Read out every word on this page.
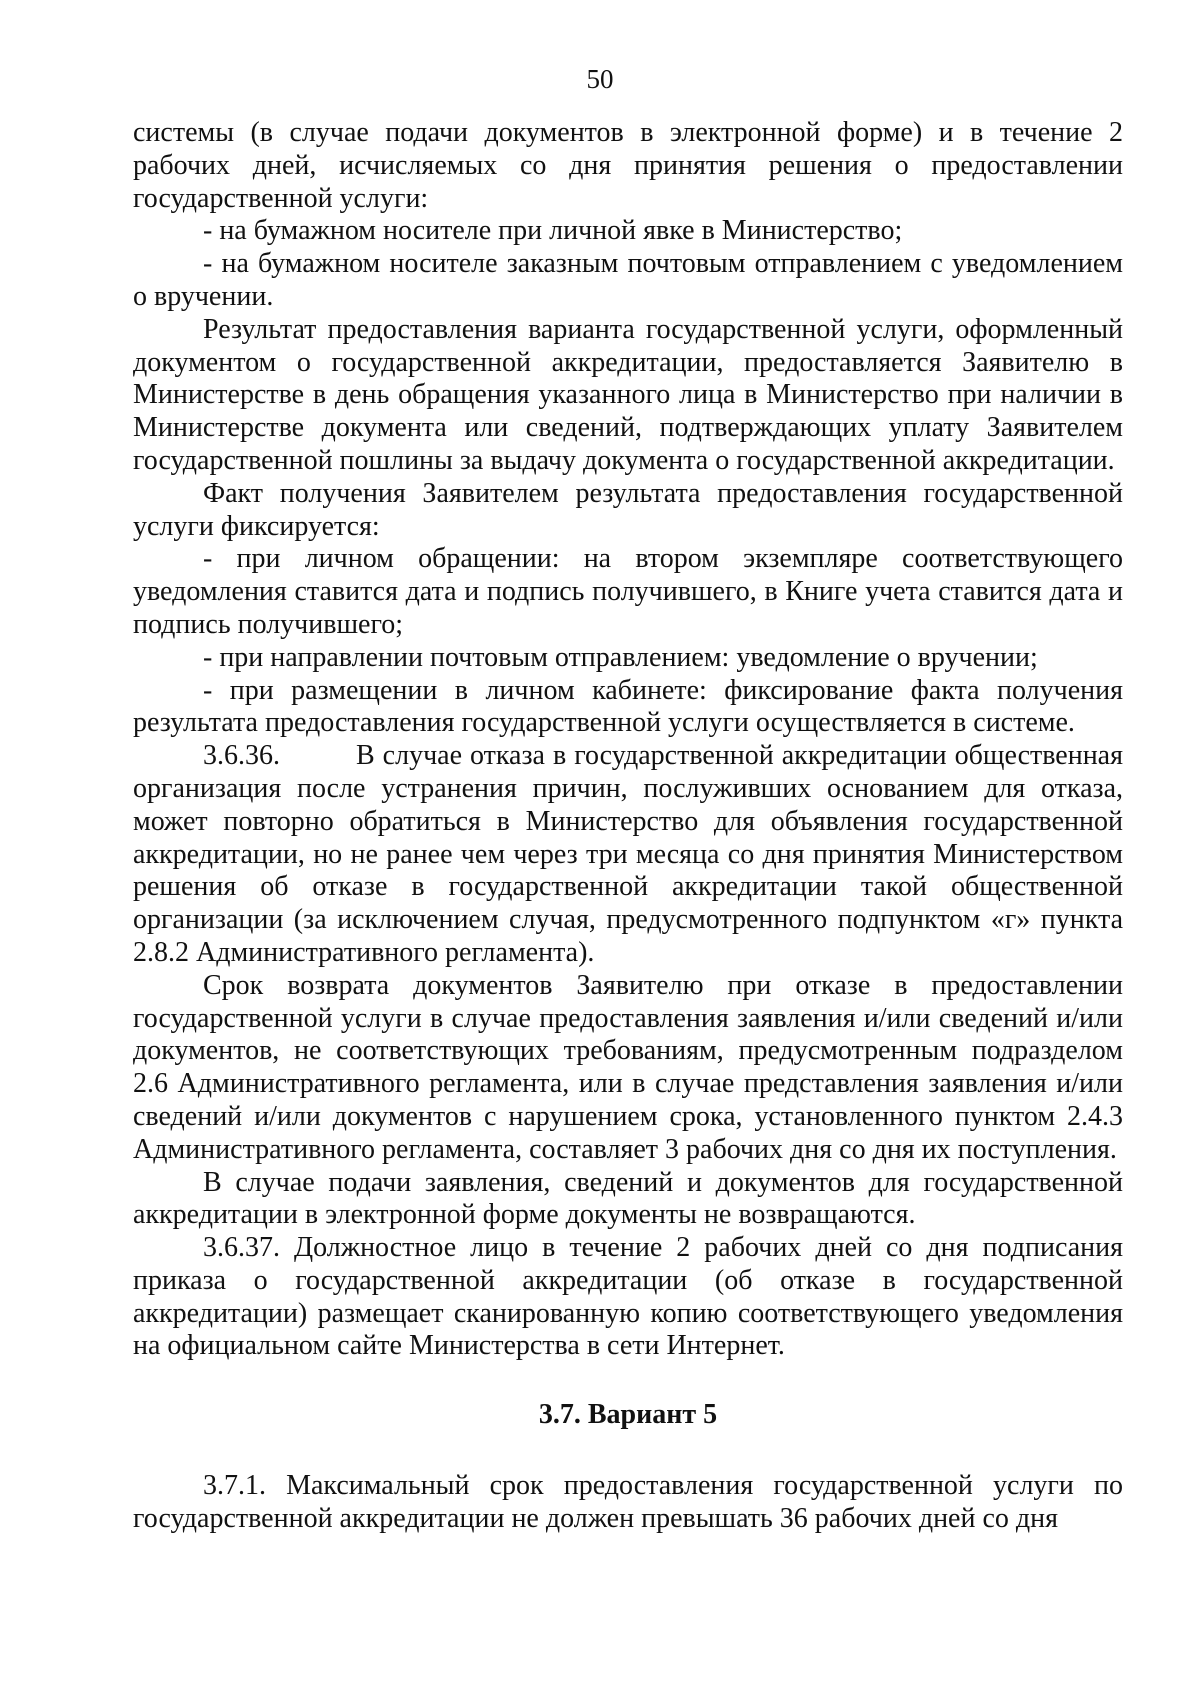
50

системы (в случае подачи документов в электронной форме) и в течение 2 рабочих дней, исчисляемых со дня принятия решения о предоставлении государственной услуги:

- на бумажном носителе при личной явке в Министерство;

- на бумажном носителе заказным почтовым отправлением с уведомлением о вручении.

Результат предоставления варианта государственной услуги, оформленный документом о государственной аккредитации, предоставляется Заявителю в Министерстве в день обращения указанного лица в Министерство при наличии в Министерстве документа или сведений, подтверждающих уплату Заявителем государственной пошлины за выдачу документа о государственной аккредитации.

Факт получения Заявителем результата предоставления государственной услуги фиксируется:

- при личном обращении: на втором экземпляре соответствующего уведомления ставится дата и подпись получившего, в Книге учета ставится дата и подпись получившего;

- при направлении почтовым отправлением: уведомление о вручении;

- при размещении в личном кабинете: фиксирование факта получения результата предоставления государственной услуги осуществляется в системе.

3.6.36.	В случае отказа в государственной аккредитации общественная организация после устранения причин, послуживших основанием для отказа, может повторно обратиться в Министерство для объявления государственной аккредитации, но не ранее чем через три месяца со дня принятия Министерством решения об отказе в государственной аккредитации такой общественной организации (за исключением случая, предусмотренного подпунктом «г» пункта 2.8.2 Административного регламента).

Срок возврата документов Заявителю при отказе в предоставлении государственной услуги в случае предоставления заявления и/или сведений и/или документов, не соответствующих требованиям, предусмотренным подразделом 2.6 Административного регламента, или в случае представления заявления и/или сведений и/или документов с нарушением срока, установленного пунктом 2.4.3 Административного регламента, составляет 3 рабочих дня со дня их поступления.

В случае подачи заявления, сведений и документов для государственной аккредитации в электронной форме документы не возвращаются.

3.6.37. Должностное лицо в течение 2 рабочих дней со дня подписания приказа о государственной аккредитации (об отказе в государственной аккредитации) размещает сканированную копию соответствующего уведомления на официальном сайте Министерства в сети Интернет.

3.7. Вариант 5

3.7.1. Максимальный срок предоставления государственной услуги по государственной аккредитации не должен превышать 36 рабочих дней со дня
